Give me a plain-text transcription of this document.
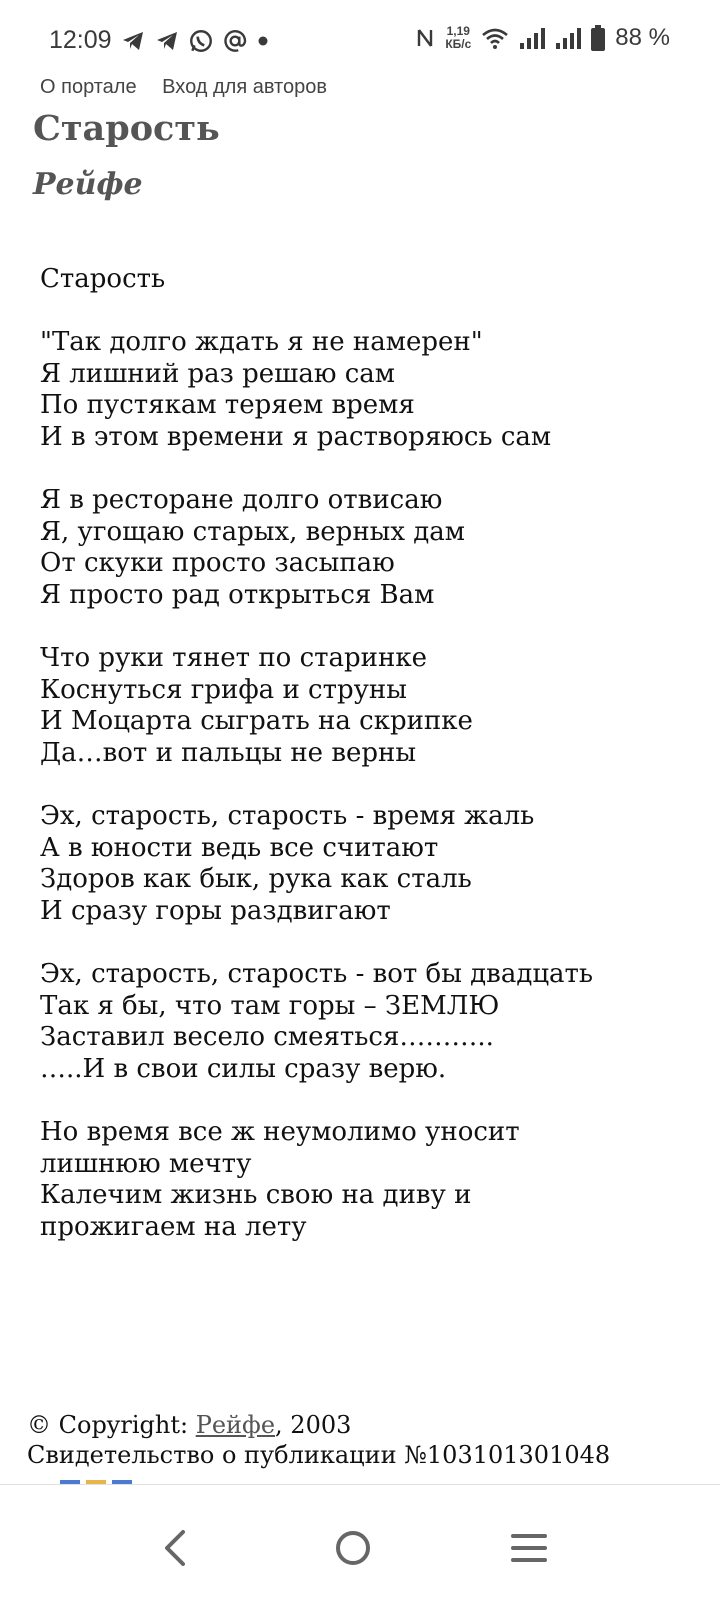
12:09	1,19
КБ/с	88 %
О портале Вход для авторов
Старость
Рейфе
Старость
"Так долго ждать я не намерен"
Я лишний раз решаю сам
По пустякам теряем время
И в этом времени я растворяюсь сам
Я в ресторане долго отвисаю
Я, угощаю старых, верных дам
От скуки просто засыпаю
Я просто рад открыться Вам
Что руки тянет по старинке
Коснуться грифа и струны
И Моцарта сыграть на скрипке
Да…вот и пальцы не верны
Эх, старость, старость - время жаль
А в юности ведь все считают
Здоров как бык, рука как сталь
И сразу горы раздвигают
Эх, старость, старость - вот бы двадцать
Так я бы, что там горы – ЗЕМЛЮ
Заставил весело смеяться………..
…..И в свои силы сразу верю.
Но время все ж неумолимо уносит
лишнюю мечту
Калечим жизнь свою на диву и
прожигаем на лету
© Copyright: Рейфе, 2003
Свидетельство о публикации №103101301048
